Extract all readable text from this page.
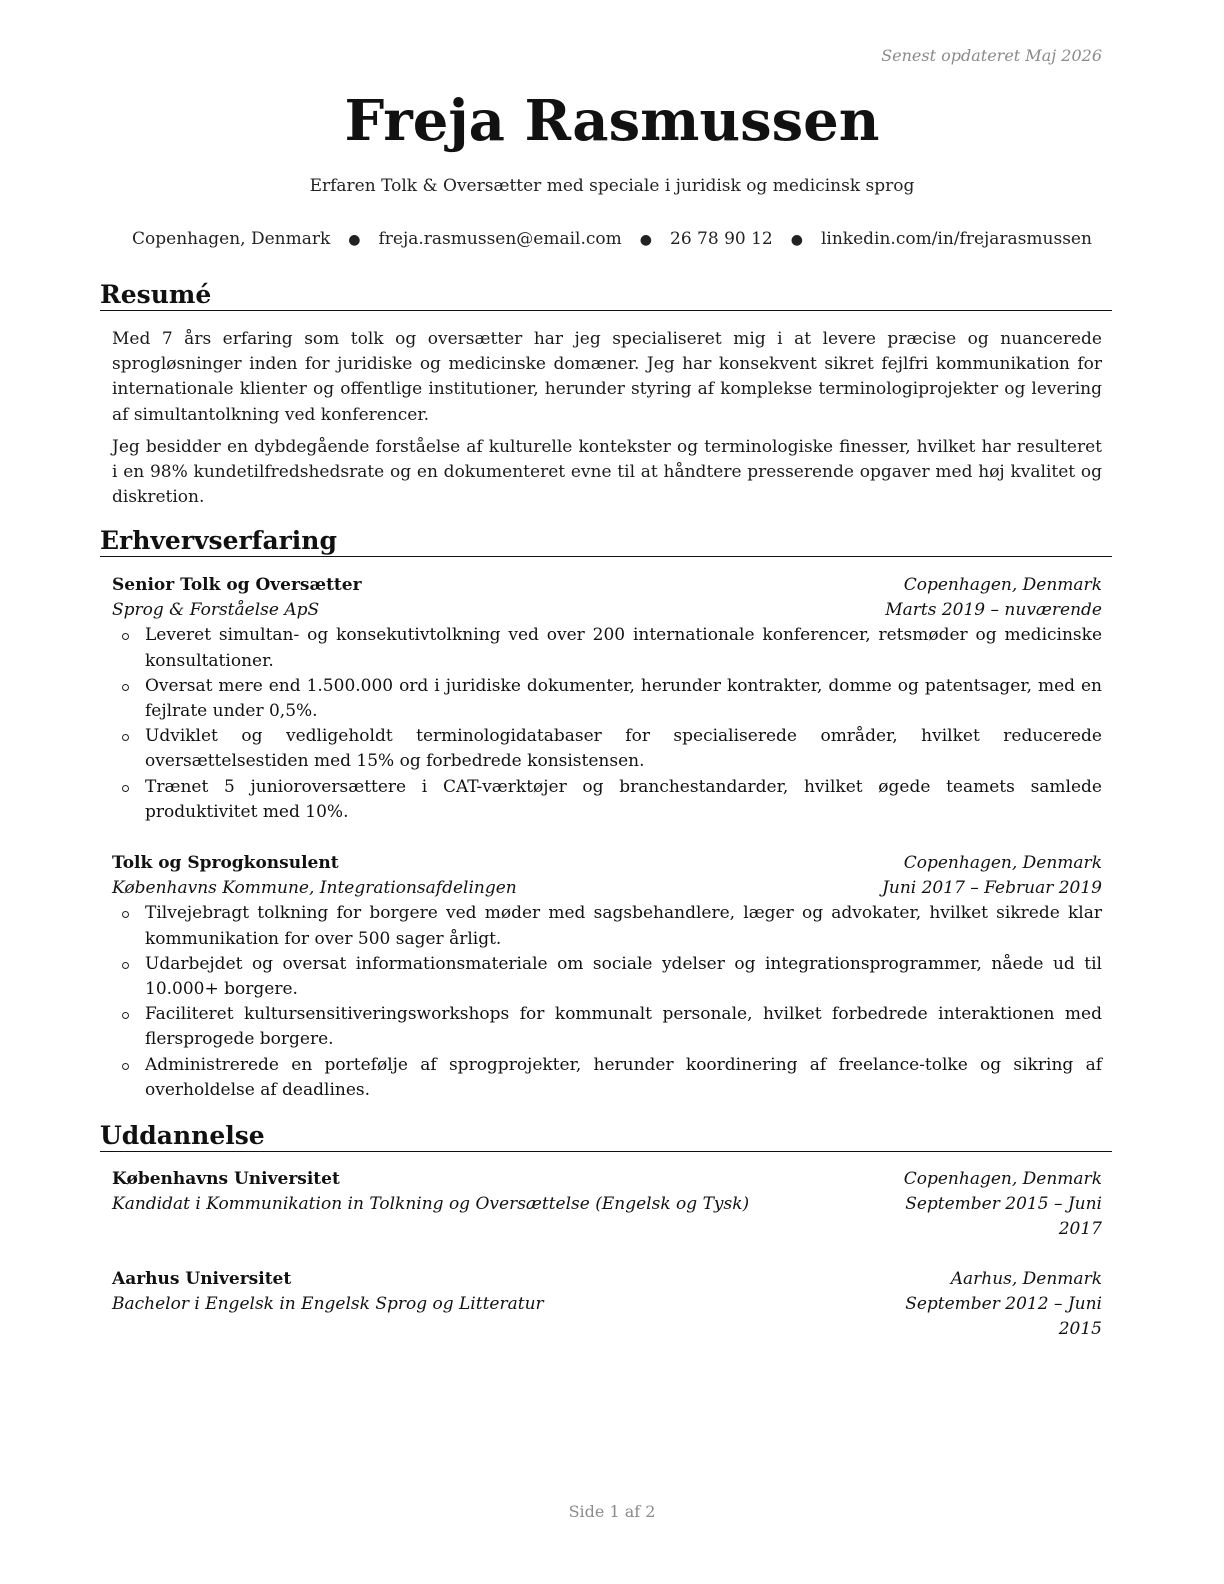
Senest opdateret Maj 2026
Freja Rasmussen
Erfaren Tolk & Oversætter med speciale i juridisk og medicinsk sprog
Copenhagen, Denmark ● freja.rasmussen@email.com ● 26 78 90 12 ● linkedin.com/in/frejarasmussen
Resumé
Med 7 års erfaring som tolk og oversætter har jeg specialiseret mig i at levere præcise og nuancerede sprogløsninger inden for juridiske og medicinske domæner. Jeg har konsekvent sikret fejlfri kommunikation for internationale klienter og offentlige institutioner, herunder styring af komplekse terminologiprojekter og levering af simultantolkning ved konferencer.
Jeg besidder en dybdegående forståelse af kulturelle kontekster og terminologiske finesser, hvilket har resulteret i en 98% kundetilfredshedsrate og en dokumenteret evne til at håndtere presserende opgaver med høj kvalitet og diskretion.
Erhvervserfaring
Senior Tolk og Oversætter	Copenhagen, Denmark
Sprog & Forståelse ApS	Marts 2019 – nuværende
Leveret simultan- og konsekutivtolkning ved over 200 internationale konferencer, retsmøder og medicinske konsultationer.
Oversat mere end 1.500.000 ord i juridiske dokumenter, herunder kontrakter, domme og patentsager, med en fejlrate under 0,5%.
Udviklet og vedligeholdt terminologidatabaser for specialiserede områder, hvilket reducerede oversættelsestiden med 15% og forbedrede konsistensen.
Trænet 5 junioroversættere i CAT-værktøjer og branchestandarder, hvilket øgede teamets samlede produktivitet med 10%.
Tolk og Sprogkonsulent	Copenhagen, Denmark
Københavns Kommune, Integrationsafdelingen	Juni 2017 – Februar 2019
Tilvejebragt tolkning for borgere ved møder med sagsbehandlere, læger og advokater, hvilket sikrede klar kommunikation for over 500 sager årligt.
Udarbejdet og oversat informationsmateriale om sociale ydelser og integrationsprogrammer, nåede ud til 10.000+ borgere.
Faciliteret kultursensitiveringsworkshops for kommunalt personale, hvilket forbedrede interaktionen med flersprogede borgere.
Administrerede en portefølje af sprogprojekter, herunder koordinering af freelance-tolke og sikring af overholdelse af deadlines.
Uddannelse
Københavns Universitet	Copenhagen, Denmark
Kandidat i Kommunikation in Tolkning og Oversættelse (Engelsk og Tysk)	September 2015 – Juni 2017
Aarhus Universitet	Aarhus, Denmark
Bachelor i Engelsk in Engelsk Sprog og Litteratur	September 2012 – Juni 2015
Side 1 af 2
